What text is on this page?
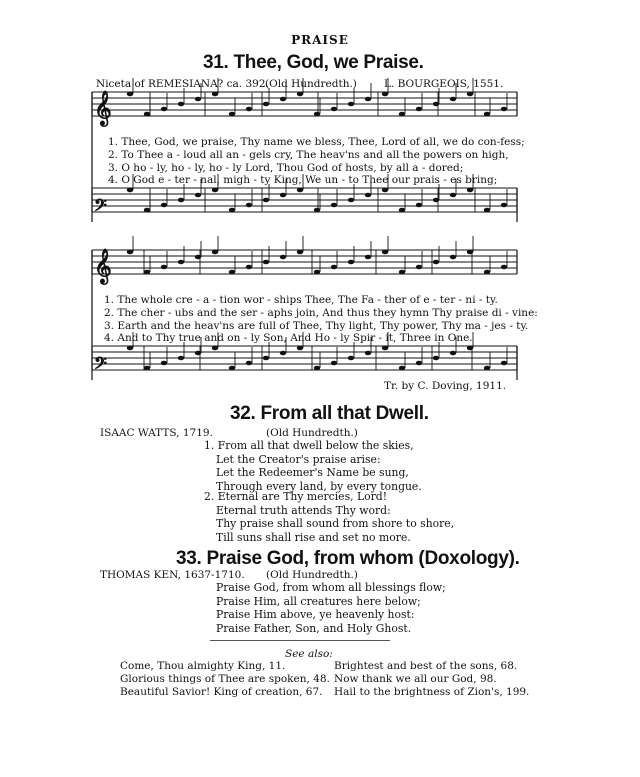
PRAISE
31. Thee, God, we Praise.
Niceta of REMESIANA? ca. 392.
(Old Hundredth.)	L. BOURGEOIS, 1551.
𝄞
𝄢
𝄞
𝄢
1. Thee, God, we praise, Thy name we bless, Thee, Lord of all, we do con-fess;
2. To Thee a - loud all an - gels cry, The heav'ns and all the powers on high,
3. O ho - ly, ho - ly, ho - ly Lord, Thou God of hosts, by all a - dored;
4. O God e - ter - nal, migh - ty King, We un - to Thee our prais - es bring;
1. The whole cre - a - tion wor - ships Thee, The Fa - ther of e - ter - ni - ty.
2. The cher - ubs and the ser - aphs join, And thus they hymn Thy praise di - vine:
3. Earth and the heav'ns are full of Thee, Thy light, Thy power, Thy ma - jes - ty.
4. And to Thy true and on - ly Son, And Ho - ly Spir - it, Three in One.
Tr. by C. Doving, 1911.
32. From all that Dwell.
ISAAC WATTS, 1719.	(Old Hundredth.)
1. From all that dwell below the skies,
Let the Creator's praise arise:
Let the Redeemer's Name be sung,
Through every land, by every tongue.
2. Eternal are Thy mercies, Lord!
Eternal truth attends Thy word:
Thy praise shall sound from shore to shore,
Till suns shall rise and set no more.
33. Praise God, from whom (Doxology).
THOMAS KEN, 1637-1710. (Old Hundredth.)
Praise God, from whom all blessings flow;
Praise Him, all creatures here below;
Praise Him above, ye heavenly host:
Praise Father, Son, and Holy Ghost.
See also:
Come, Thou almighty King, 11.
Glorious things of Thee are spoken, 48.
Beautiful Savior! King of creation, 67.
Brightest and best of the sons, 68.
Now thank we all our God, 98.
Hail to the brightness of Zion's, 199.
